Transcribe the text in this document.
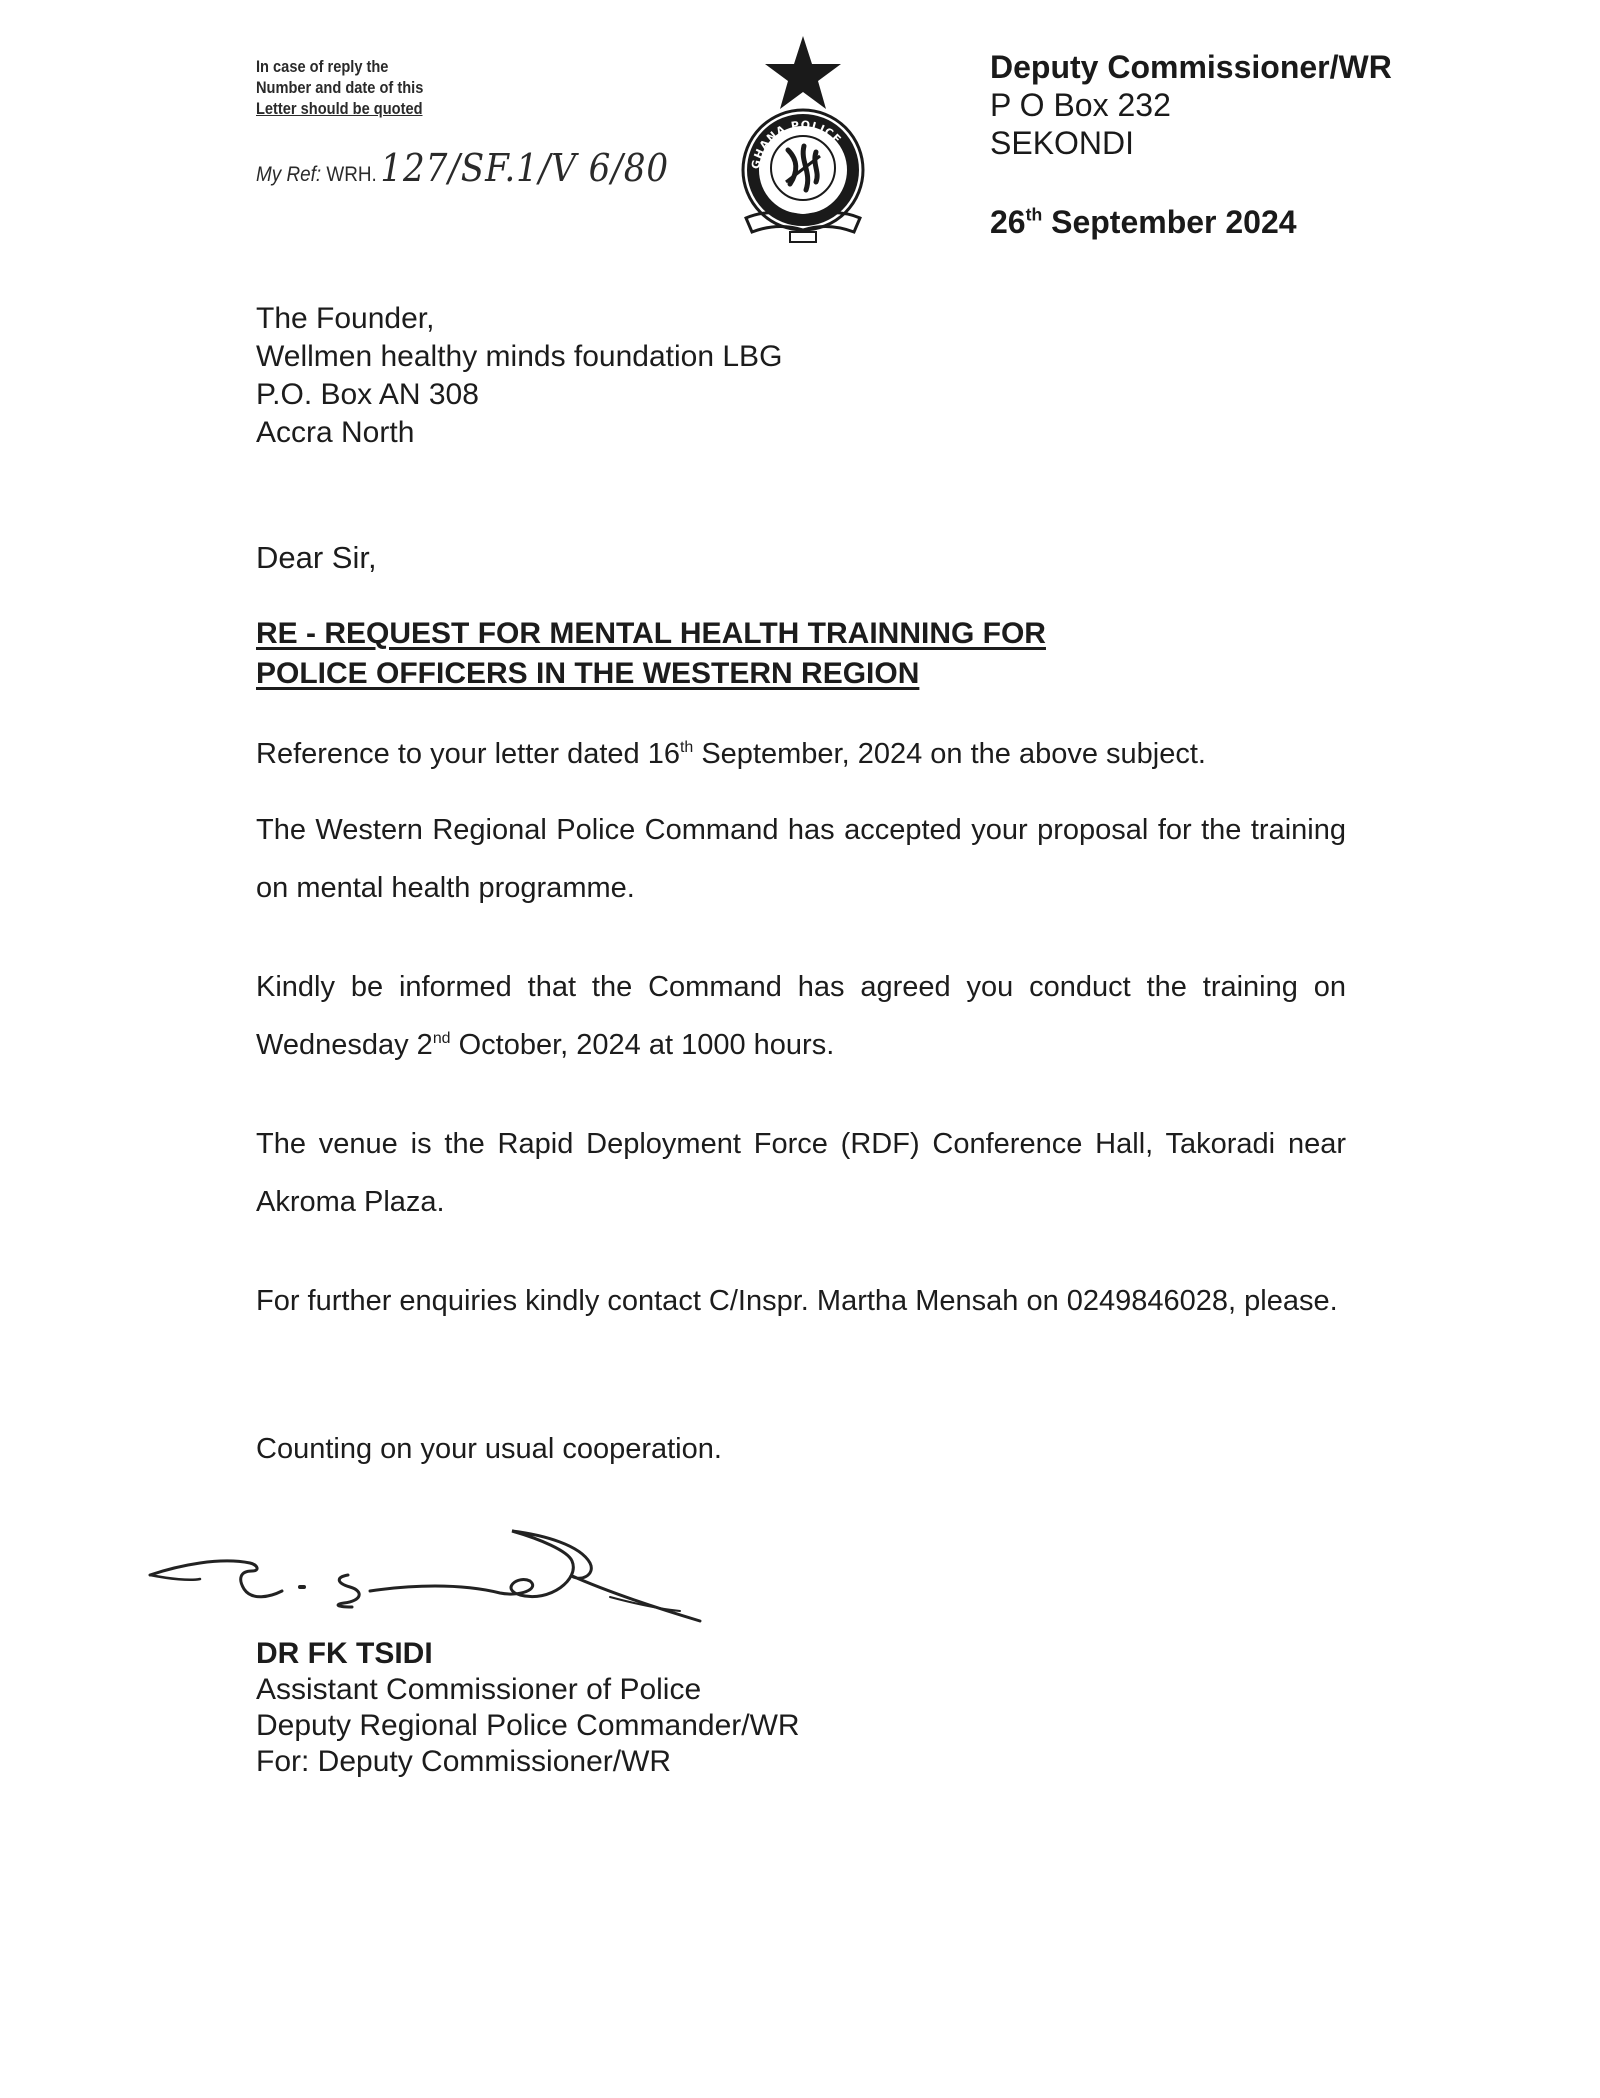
In case of reply the
Number and date of this
Letter should be quoted
My Ref: WRH.127/SF.1/V 6/80	GHANA POLICE
Deputy Commissioner/WR
P O Box 232
SEKONDI
26th September 2024
The Founder,
Wellmen healthy minds foundation LBG
P.O. Box AN 308
Accra North
Dear Sir,
RE - REQUEST FOR MENTAL HEALTH TRAINNING FOR
POLICE OFFICERS IN THE WESTERN REGION
Reference to your letter dated 16th September, 2024 on the above subject.
The Western Regional Police Command has accepted your proposal for the training on mental health programme.
Kindly be informed that the Command has agreed you conduct the training on Wednesday 2nd October, 2024 at 1000 hours.
The venue is the Rapid Deployment Force (RDF) Conference Hall, Takoradi near Akroma Plaza.
For further enquiries kindly contact C/Inspr. Martha Mensah on 0249846028, please.
Counting on your usual cooperation.
DR FK TSIDI
Assistant Commissioner of Police
Deputy Regional Police Commander/WR
For: Deputy Commissioner/WR
